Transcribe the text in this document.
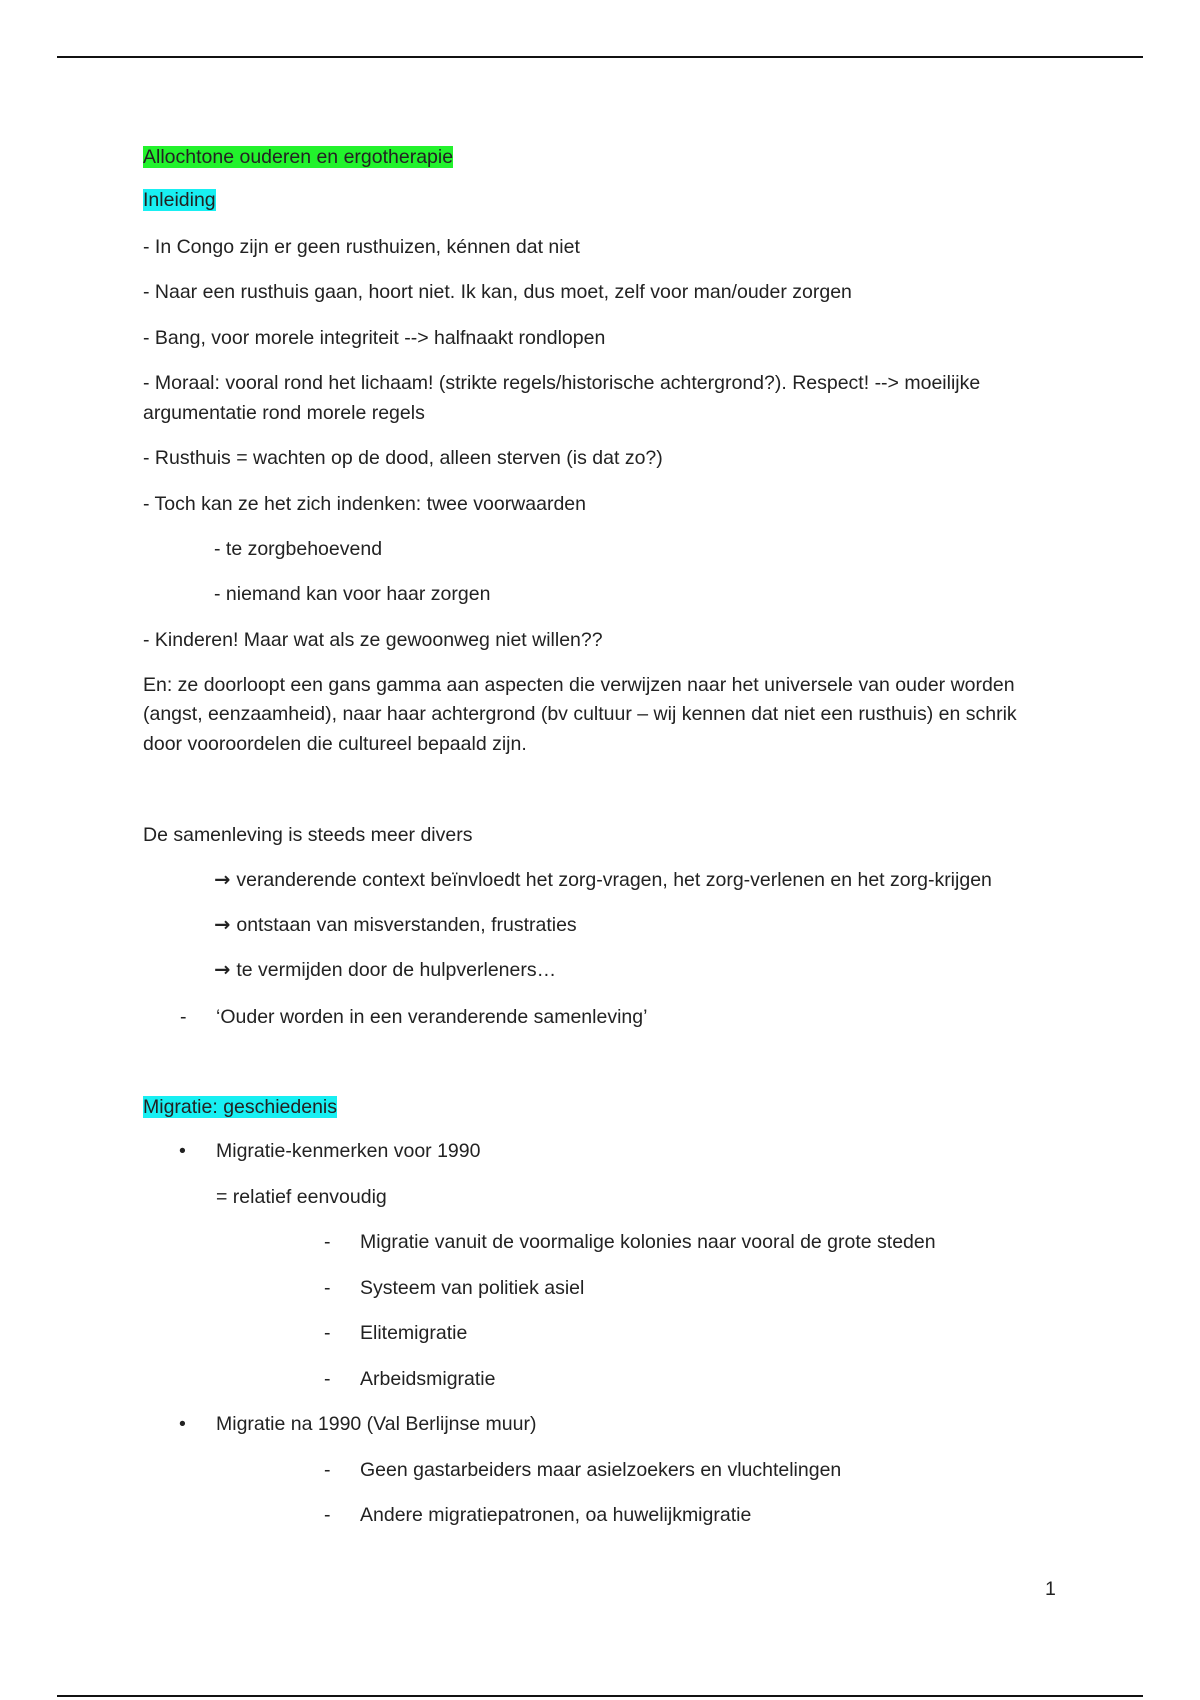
Allochtone ouderen en ergotherapie
Inleiding
- In Congo zijn er geen rusthuizen, kénnen dat niet
- Naar een rusthuis gaan, hoort niet. Ik kan, dus moet, zelf voor man/ouder zorgen
- Bang, voor morele integriteit --> halfnaakt rondlopen
- Moraal: vooral rond het lichaam! (strikte regels/historische achtergrond?). Respect! --> moeilijke
argumentatie rond morele regels
- Rusthuis = wachten op de dood, alleen sterven (is dat zo?)
- Toch kan ze het zich indenken: twee voorwaarden
- te zorgbehoevend
- niemand kan voor haar zorgen
- Kinderen! Maar wat als ze gewoonweg niet willen??
En: ze doorloopt een gans gamma aan aspecten die verwijzen naar het universele van ouder worden
(angst, eenzaamheid), naar haar achtergrond (bv cultuur – wij kennen dat niet een rusthuis) en schrik
door vooroordelen die cultureel bepaald zijn.
De samenleving is steeds meer divers
→ veranderende context beïnvloedt het zorg-vragen, het zorg-verlenen en het zorg-krijgen
→ ontstaan van misverstanden, frustraties
→ te vermijden door de hulpverleners…
- ‘Ouder worden in een veranderende samenleving’
Migratie: geschiedenis
• Migratie-kenmerken voor 1990
= relatief eenvoudig
- Migratie vanuit de voormalige kolonies naar vooral de grote steden
- Systeem van politiek asiel
- Elitemigratie
- Arbeidsmigratie
• Migratie na 1990 (Val Berlijnse muur)
- Geen gastarbeiders maar asielzoekers en vluchtelingen
- Andere migratiepatronen, oa huwelijkmigratie
1
